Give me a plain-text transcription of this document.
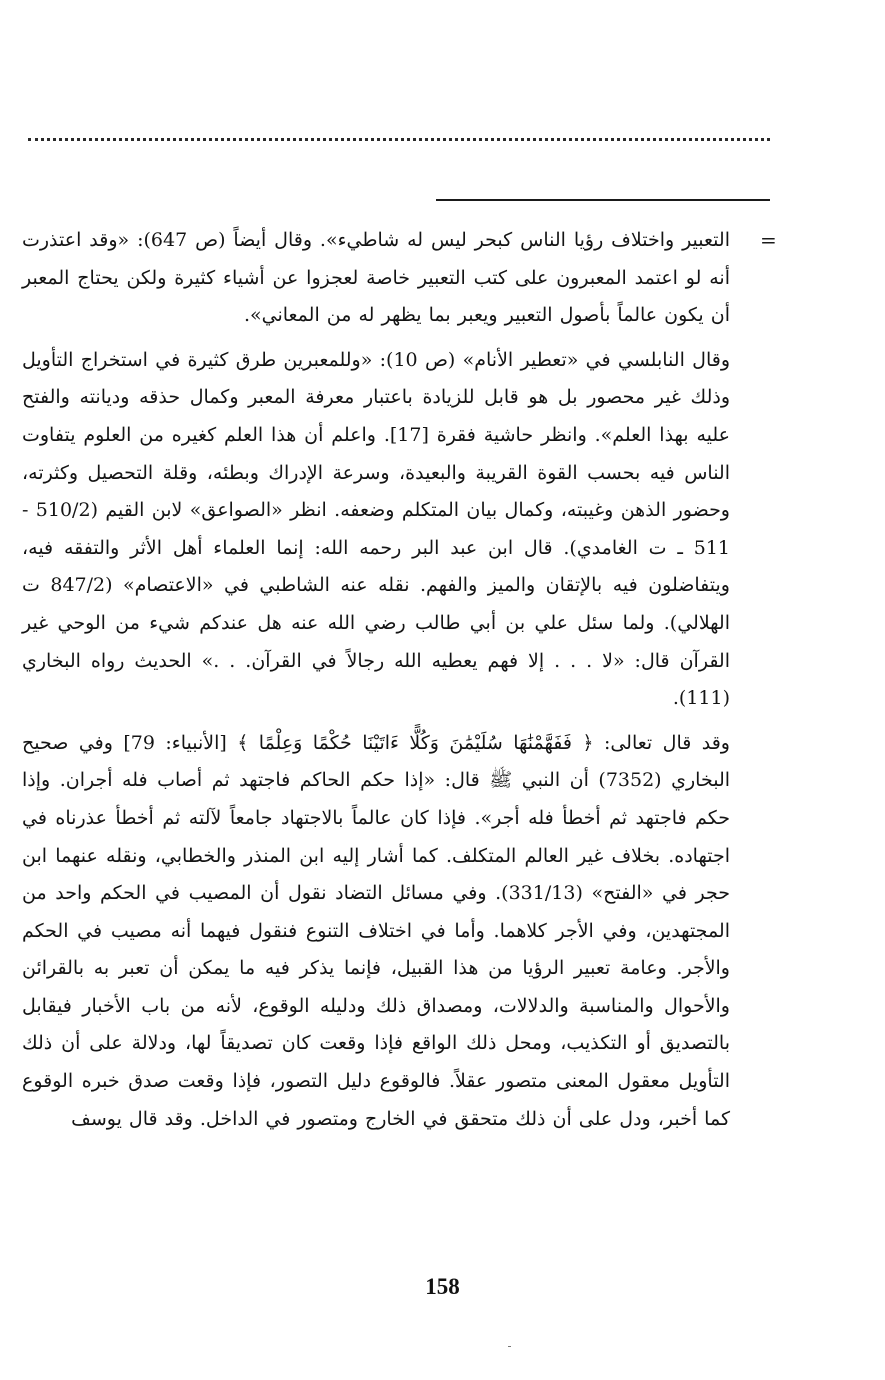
=

التعبير واختلاف رؤيا الناس كبحر ليس له شاطيء». وقال أيضاً (ص 647): «وقد اعتذرت أنه لو اعتمد المعبرون على كتب التعبير خاصة لعجزوا عن أشياء كثيرة ولكن يحتاج المعبر أن يكون عالماً بأصول التعبير ويعبر بما يظهر له من المعاني».

وقال النابلسي في «تعطير الأنام» (ص 10): «وللمعبرين طرق كثيرة في استخراج التأويل وذلك غير محصور بل هو قابل للزيادة باعتبار معرفة المعبر وكمال حذقه وديانته والفتح عليه بهذا العلم». وانظر حاشية فقرة [17]. واعلم أن هذا العلم كغيره من العلوم يتفاوت الناس فيه بحسب القوة القريبة والبعيدة، وسرعة الإدراك وبطئه، وقلة التحصيل وكثرته، وحضور الذهن وغيبته، وكمال بيان المتكلم وضعفه. انظر «الصواعق» لابن القيم (510/2 - 511 ـ ت الغامدي). قال ابن عبد البر رحمه الله: إنما العلماء أهل الأثر والتفقه فيه، ويتفاضلون فيه بالإتقان والميز والفهم. نقله عنه الشاطبي في «الاعتصام» (847/2 ت الهلالي). ولما سئل علي بن أبي طالب رضي الله عنه هل عندكم شيء من الوحي غير القرآن قال: «لا . . . إلا فهم يعطيه الله رجالاً في القرآن. . .» الحديث رواه البخاري (111).

وقد قال تعالى: ﴿ فَفَهَّمْنَٰهَا سُلَيْمَٰنَ وَكُلًّا ءَاتَيْنَا حُكْمًا وَعِلْمًا ﴾ [الأنبياء: 79] وفي صحيح البخاري (7352) أن النبي ﷺ قال: «إذا حكم الحاكم فاجتهد ثم أصاب فله أجران. وإذا حكم فاجتهد ثم أخطأ فله أجر». فإذا كان عالماً بالاجتهاد جامعاً لآلته ثم أخطأ عذرناه في اجتهاده. بخلاف غير العالم المتكلف. كما أشار إليه ابن المنذر والخطابي، ونقله عنهما ابن حجر في «الفتح» (331/13). وفي مسائل التضاد نقول أن المصيب في الحكم واحد من المجتهدين، وفي الأجر كلاهما. وأما في اختلاف التنوع فنقول فيهما أنه مصيب في الحكم والأجر. وعامة تعبير الرؤيا من هذا القبيل، فإنما يذكر فيه ما يمكن أن تعبر به بالقرائن والأحوال والمناسبة والدلالات، ومصداق ذلك ودليله الوقوع، لأنه من باب الأخبار فيقابل بالتصديق أو التكذيب، ومحل ذلك الواقع فإذا وقعت كان تصديقاً لها، ودلالة على أن ذلك التأويل معقول المعنى متصور عقلاً. فالوقوع دليل التصور، فإذا وقعت صدق خبره الوقوع كما أخبر، ودل على أن ذلك متحقق في الخارج ومتصور في الداخل. وقد قال يوسف

158
